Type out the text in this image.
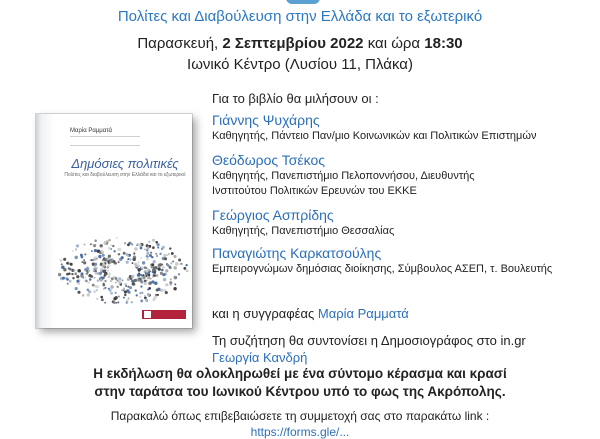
Πολίτες και Διαβούλευση στην Ελλάδα και το εξωτερικό
Παρασκευή, 2 Σεπτεμβρίου 2022 και ώρα 18:30
Ιωνικό Κέντρο (Λυσίου 11, Πλάκα)
Μαρία Ραμματά
Δημόσιες πολιτικές
Πολίτες και διαβούλευση στην Ελλάδα και το εξωτερικό
Για το βιβλίο θα μιλήσουν οι :
Γιάννης Ψυχάρης
Καθηγητής, Πάντειο Παν/μιο Κοινωνικών και Πολιτικών Επιστημών
Θεόδωρος Τσέκος
Καθηγητής, Πανεπιστήμιο Πελοποννήσου, Διευθυντής Ινστιτούτου Πολιτικών Ερευνών του ΕΚΚΕ
Γεώργιος Ασπρίδης
Καθηγητής, Πανεπιστήμιο Θεσσαλίας
Παναγιώτης Καρκατσούλης
Εμπειρογνώμων δημόσιας διοίκησης, Σύμβουλος ΑΣΕΠ, τ. Βουλευτής
και η συγγραφέας Μαρία Ραμματά
Τη συζήτηση θα συντονίσει η Δημοσιογράφος στο in.gr
Γεωργία Κανδρή
Η εκδήλωση θα ολοκληρωθεί με ένα σύντομο κέρασμα και κρασί
στην ταράτσα του Ιωνικού Κέντρου υπό το φως της Ακρόπολης.
Παρακαλώ όπως επιβεβαιώσετε τη συμμετοχή σας στο παρακάτω link :
https://forms.gle/...
